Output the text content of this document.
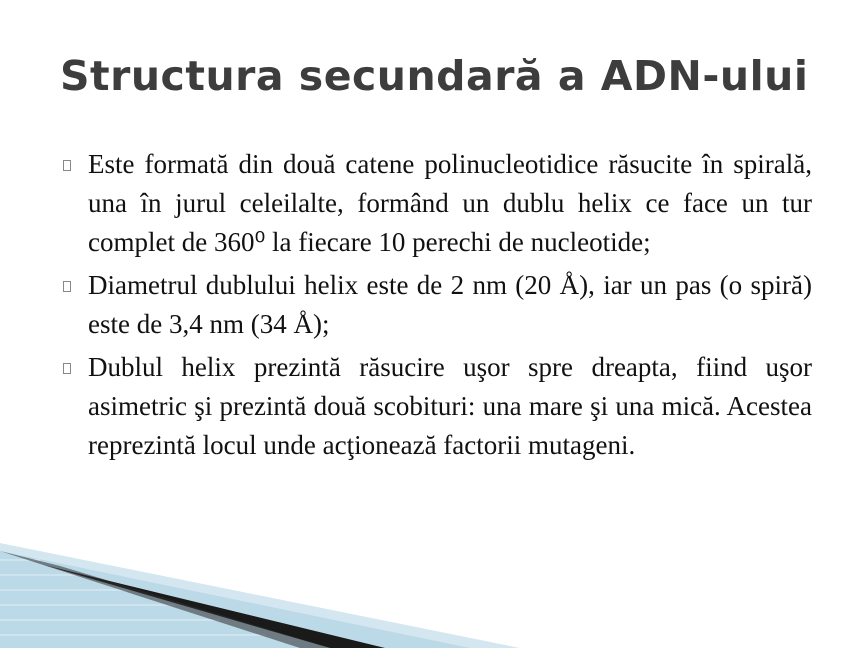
Structura secundară a ADN-ului
Este formată din două catene polinucleotidice răsucite în spirală, una în jurul celeilalte, formând un dublu helix ce face un tur complet de 360⁰ la fiecare 10 perechi de nucleotide;
Diametrul dublului helix este de 2 nm (20 Å), iar un pas (o spiră) este de 3,4 nm (34 Å);
Dublul helix prezintă răsucire uşor spre dreapta, fiind uşor asimetric şi prezintă două scobituri: una mare şi una mică. Acestea reprezintă locul unde acţionează factorii mutageni.
